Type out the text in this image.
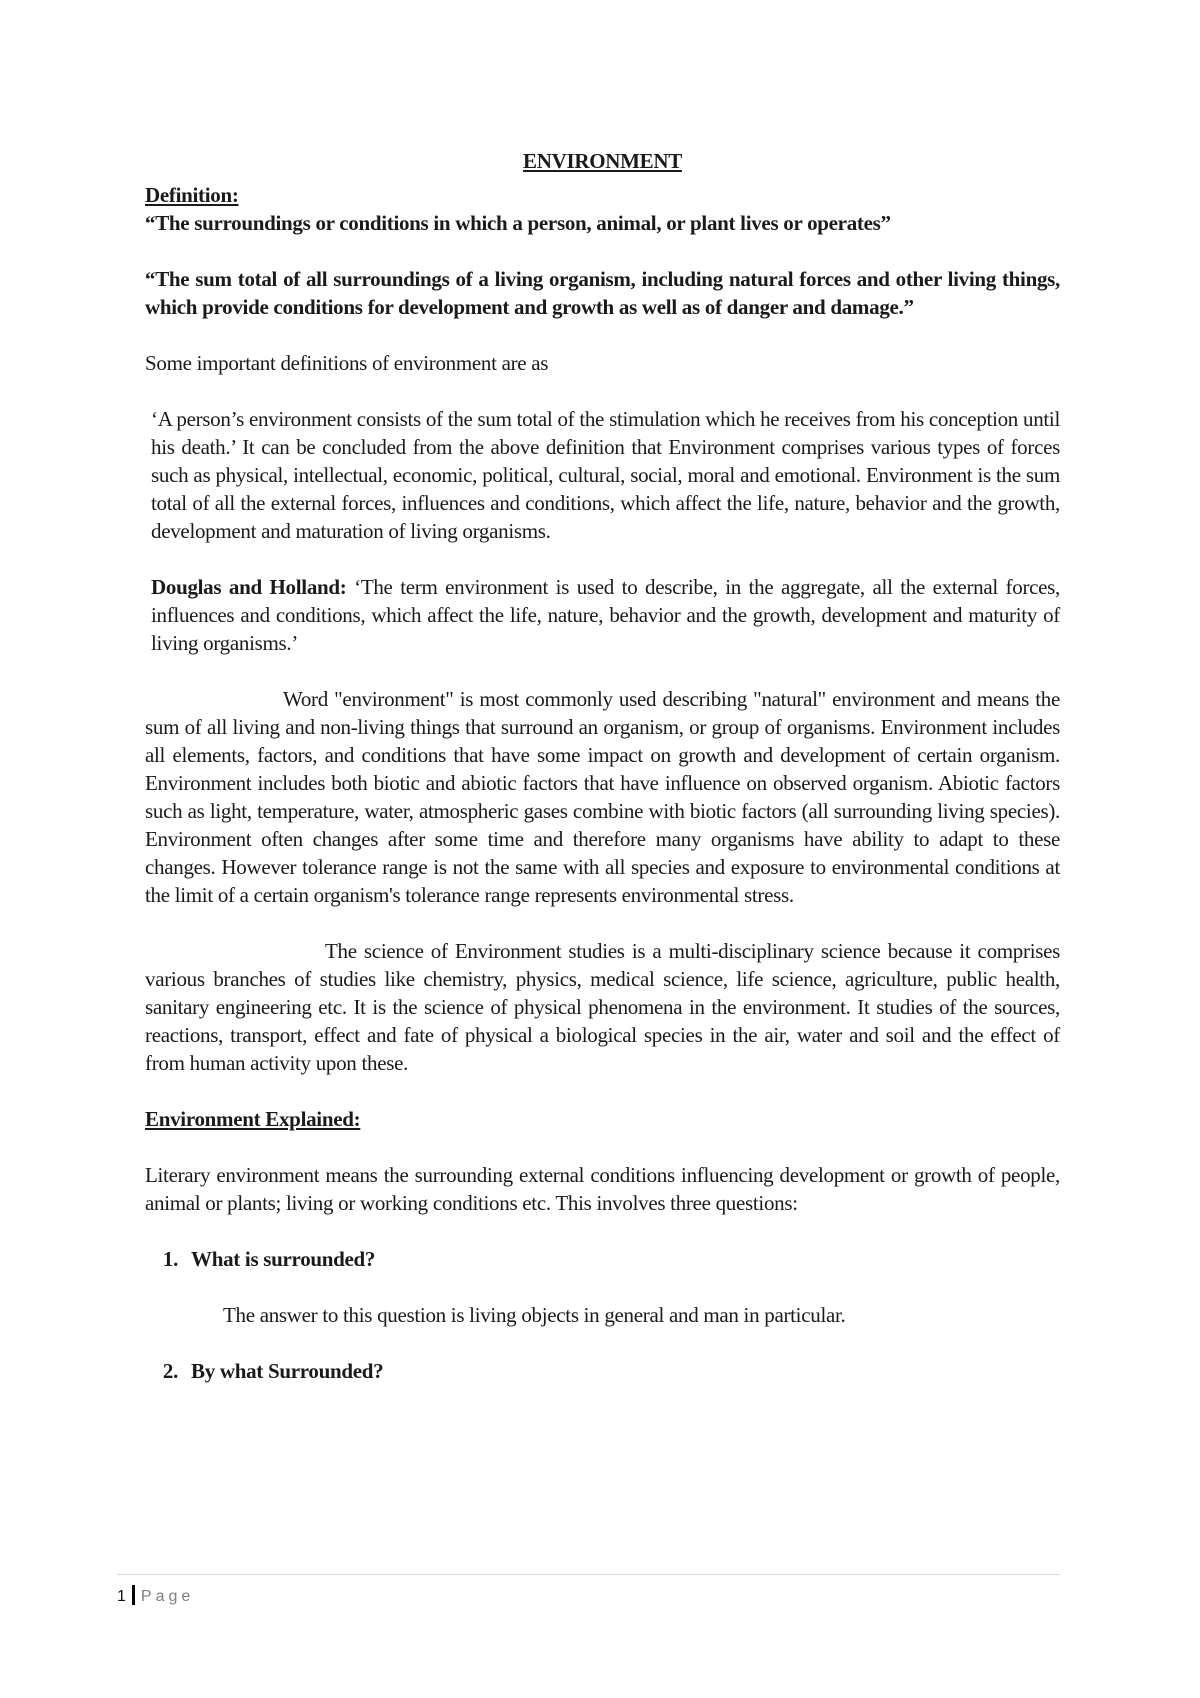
ENVIRONMENT

Definition:

“The surroundings or conditions in which a person, animal, or plant lives or operates”

“The sum total of all surroundings of a living organism, including natural forces and other living things, which provide conditions for development and growth as well as of danger and damage.”

Some important definitions of environment are as

‘A person’s environment consists of the sum total of the stimulation which he receives from his conception until his death.’ It can be concluded from the above definition that Environment comprises various types of forces such as physical, intellectual, economic, political, cultural, social, moral and emotional. Environment is the sum total of all the external forces, influences and conditions, which affect the life, nature, behavior and the growth, development and maturation of living organisms.

Douglas and Holland: ‘The term environment is used to describe, in the aggregate, all the external forces, influences and conditions, which affect the life, nature, behavior and the growth, development and maturity of living organisms.’

Word "environment" is most commonly used describing "natural" environment and means the sum of all living and non-living things that surround an organism, or group of organisms. Environment includes all elements, factors, and conditions that have some impact on growth and development of certain organism. Environment includes both biotic and abiotic factors that have influence on observed organism. Abiotic factors such as light, temperature, water, atmospheric gases combine with biotic factors (all surrounding living species). Environment often changes after some time and therefore many organisms have ability to adapt to these changes. However tolerance range is not the same with all species and exposure to environmental conditions at the limit of a certain organism's tolerance range represents environmental stress.

The science of Environment studies is a multi-disciplinary science because it comprises various branches of studies like chemistry, physics, medical science, life science, agriculture, public health, sanitary engineering etc. It is the science of physical phenomena in the environment. It studies of the sources, reactions, transport, effect and fate of physical a biological species in the air, water and soil and the effect of from human activity upon these.

Environment Explained:

Literary environment means the surrounding external conditions influencing development or growth of people, animal or plants; living or working conditions etc. This involves three questions:

1. What is surrounded?

The answer to this question is living objects in general and man in particular.

2. By what Surrounded?
1 Page
